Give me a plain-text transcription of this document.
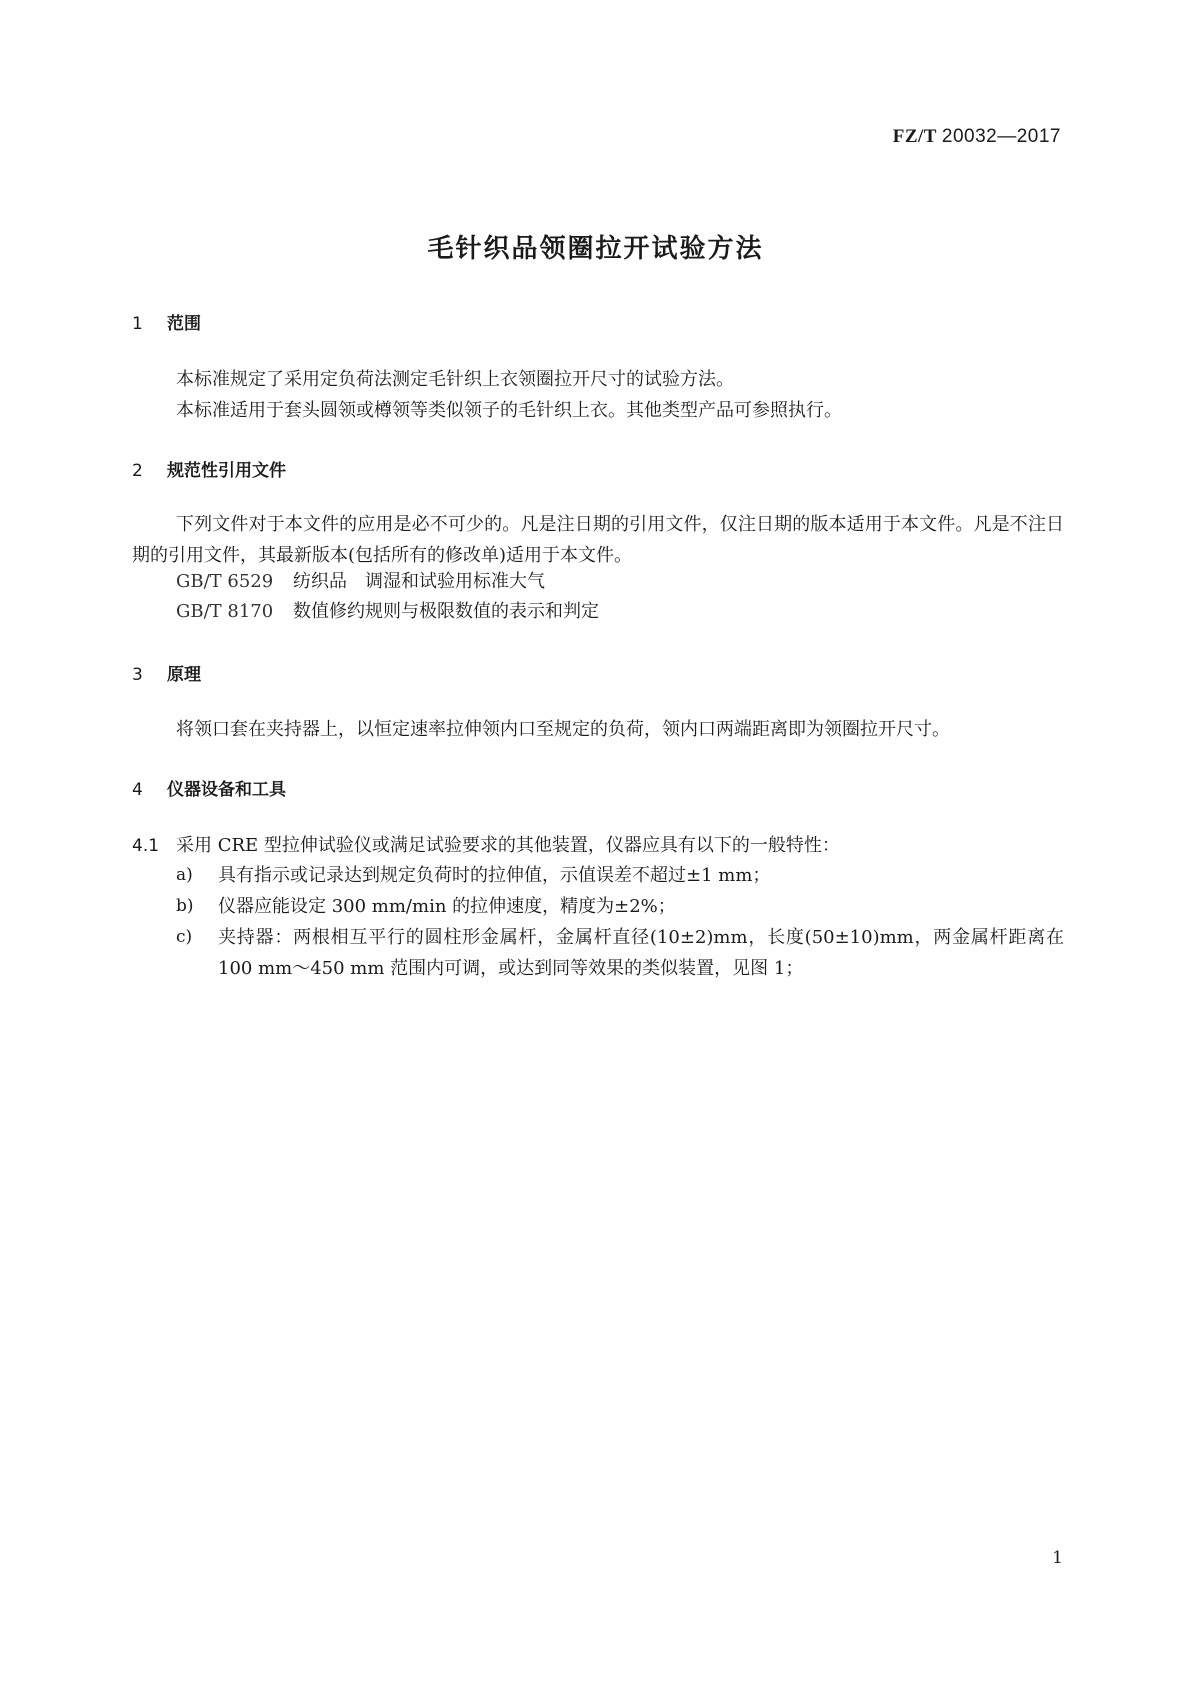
FZ/T 20032—2017
毛针织品领圈拉开试验方法
1 范围

本标准规定了采用定负荷法测定毛针织上衣领圈拉开尺寸的试验方法。

本标准适用于套头圆领或樽领等类似领子的毛针织上衣。其他类型产品可参照执行。

2 规范性引用文件

下列文件对于本文件的应用是必不可少的。凡是注日期的引用文件，仅注日期的版本适用于本文件。凡是不注日期的引用文件，其最新版本(包括所有的修改单)适用于本文件。

GB/T 6529 纺织品　调湿和试验用标准大气
GB/T 8170 数值修约规则与极限数值的表示和判定
3 原理

将领口套在夹持器上，以恒定速率拉伸领内口至规定的负荷，领内口两端距离即为领圈拉开尺寸。

4 仪器设备和工具
4.1 采用 CRE 型拉伸试验仪或满足试验要求的其他装置，仪器应具有以下的一般特性：
a) 具有指示或记录达到规定负荷时的拉伸值，示值误差不超过±1 mm；

b) 仪器应能设定 300 mm/min 的拉伸速度，精度为±2%；

c) 夹持器：两根相互平行的圆柱形金属杆，金属杆直径(10±2)mm，长度(50±10)mm，两金属杆距离在 100 mm～450 mm 范围内可调，或达到同等效果的类似装置，见图 1；

1
